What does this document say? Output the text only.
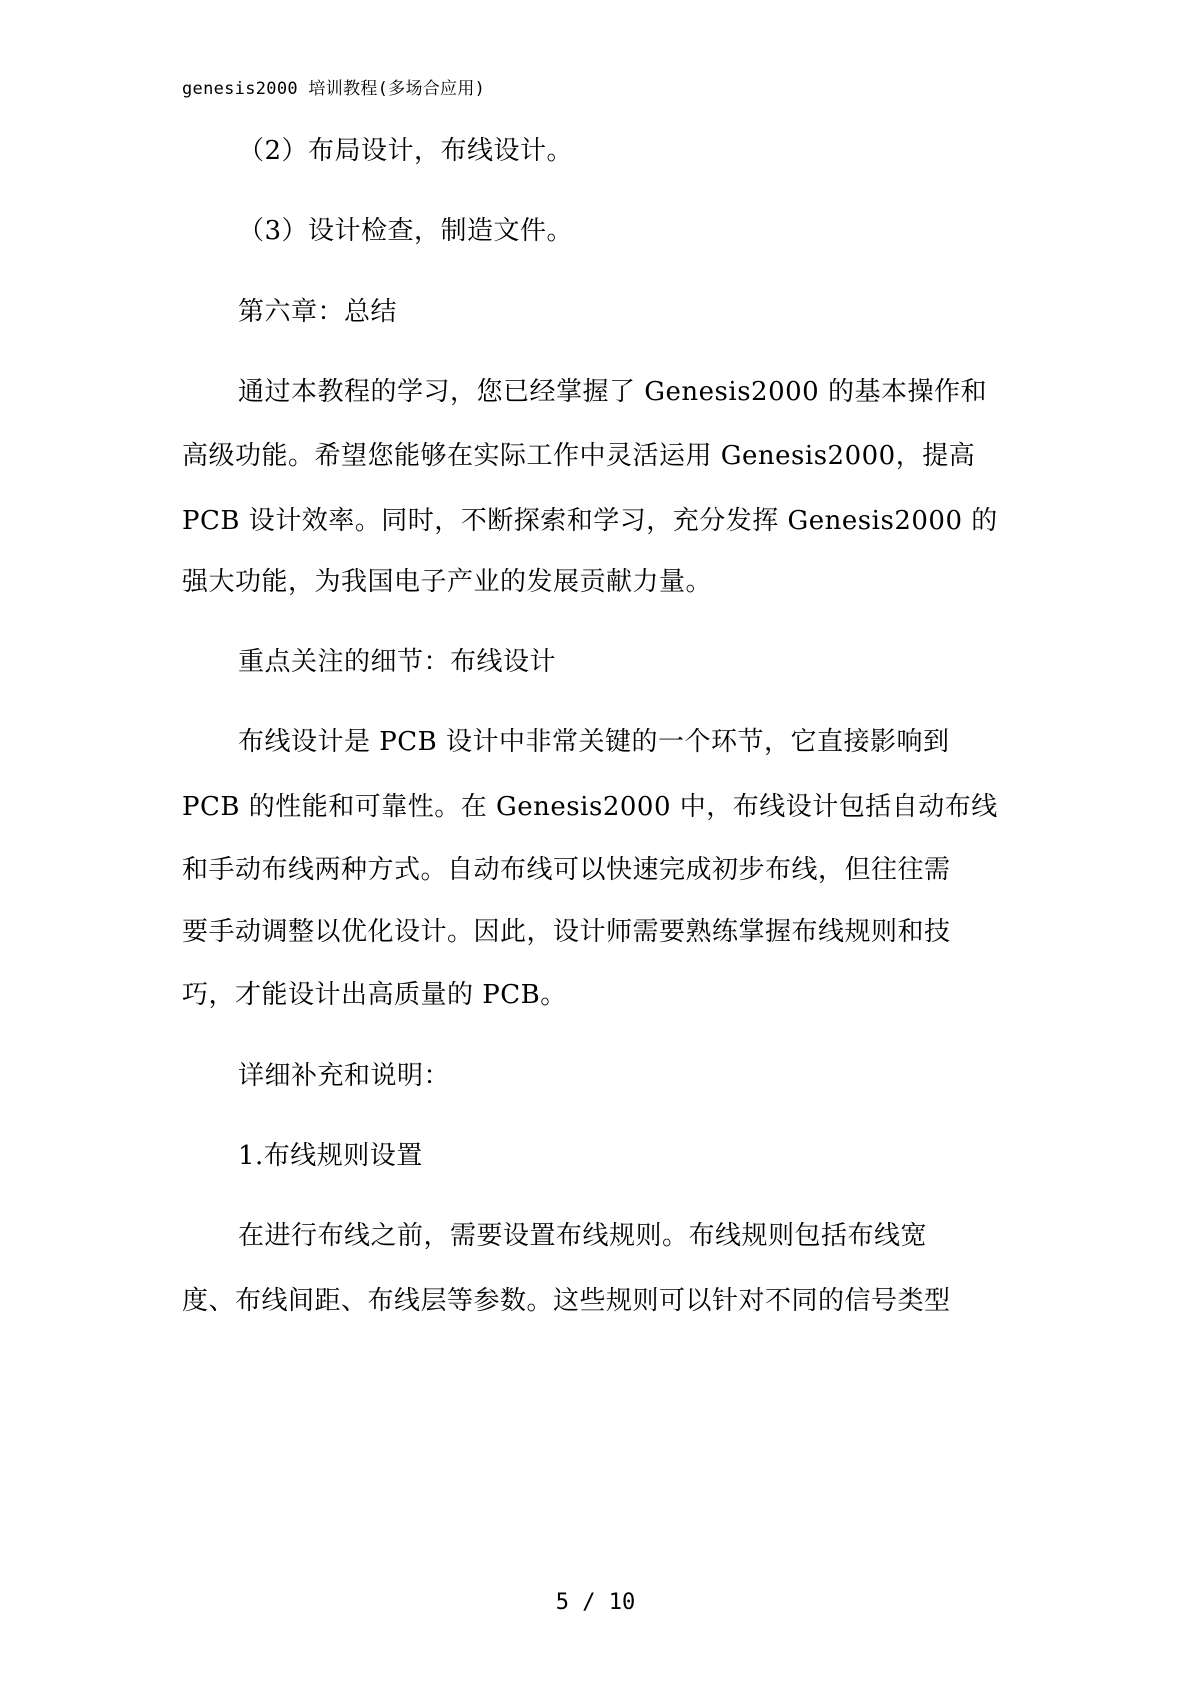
genesis2000 培训教程(多场合应用)
（2）布局设计，布线设计。
（3）设计检查，制造文件。
第六章：总结
通过本教程的学习，您已经掌握了 Genesis2000 的基本操作和
高级功能。希望您能够在实际工作中灵活运用 Genesis2000，提高
PCB 设计效率。同时，不断探索和学习，充分发挥 Genesis2000 的
强大功能，为我国电子产业的发展贡献力量。
重点关注的细节：布线设计
布线设计是 PCB 设计中非常关键的一个环节，它直接影响到
PCB 的性能和可靠性。在 Genesis2000 中，布线设计包括自动布线
和手动布线两种方式。自动布线可以快速完成初步布线，但往往需
要手动调整以优化设计。因此，设计师需要熟练掌握布线规则和技
巧，才能设计出高质量的 PCB。
详细补充和说明：
1.布线规则设置
在进行布线之前，需要设置布线规则。布线规则包括布线宽
度、布线间距、布线层等参数。这些规则可以针对不同的信号类型
5 / 10
